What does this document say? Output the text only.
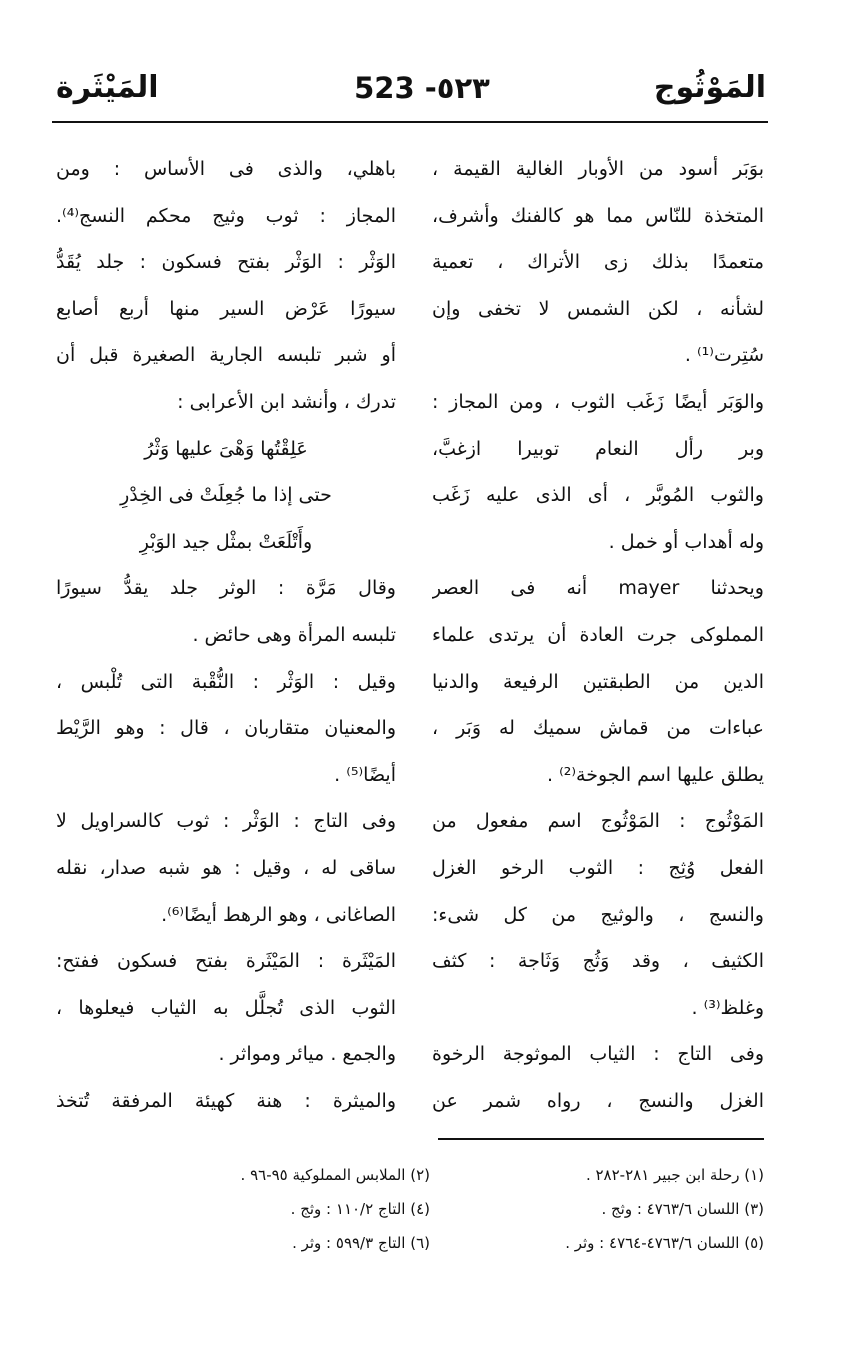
المَوْثُوج
523 -٥٢٣
المَيْثَرة
بوَبَر أسود من الأوبار الغالية القيمة ،
المتخذة للنّاس مما هو كالفنك وأشرف،
متعمدًا بذلك زى الأتراك ، تعمية
لشأنه ، لكن الشمس لا تخفى وإن
سُتِرت⁽¹⁾ .
والوَبَر أيضًا زَغَب الثوب ، ومن المجاز :
وبر رأل النعام توبيرا ازغبَّ،
والثوب المُوبَّر ، أى الذى عليه زَغَب
وله أهداب أو خمل .
ويحدثنا mayer أنه فى العصر
المملوكى جرت العادة أن يرتدى علماء
الدين من الطبقتين الرفيعة والدنيا
عباءات من قماش سميك له وَبَر ،
يطلق عليها اسم الجوخة⁽²⁾ .
المَوْثُوج : المَوْثُوج اسم مفعول من
الفعل وُثِج : الثوب الرخو الغزل
والنسج ، والوثيج من كل شىء:
الكثيف ، وقد وَثُج وَثَاجة : كثف
وغلظ⁽³⁾ .
وفى التاج : الثياب الموثوجة الرخوة
الغزل والنسج ، رواه شمر عن
باهلي، والذى فى الأساس : ومن
المجاز : ثوب وثيج محكم النسج⁽⁴⁾.
الوَثْر : الوَثْر بفتح فسكون : جلد يُقَدُّ
سيورًا عَرْض السير منها أربع أصابع
أو شبر تلبسه الجارية الصغيرة قبل أن
تدرك ، وأنشد ابن الأعرابى :
عَلِقْتُها وَهْىَ عليها وَثْرُ
حتى إذا ما جُعِلَتْ فى الخِدْرِ
وأَتْلَعَتْ بمثْل جيد الوَبْرِ
وقال مَرَّة : الوثر جلد يقدُّ سيورًا
تلبسه المرأة وهى حائض .
وقيل : الوَثْر : النُّقْبة التى تُلْبس ،
والمعنيان متقاربان ، قال : وهو الرَّيْط
أيضًا⁽⁵⁾ .
وفى التاج : الوَثْر : ثوب كالسراويل لا
ساقى له ، وقيل : هو شبه صدار، نقله
الصاغانى ، وهو الرهط أيضًا⁽⁶⁾.
المَيْثَرة : المَيْثَرة بفتح فسكون ففتح:
الثوب الذى تُجلَّل به الثياب فيعلوها ،
والجمع . ميائر ومواثر .
والميثرة : هنة كهيئة المرفقة تُتخذ
(١) رحلة ابن جبير ٢٨١-٢٨٢ .
(٣) اللسان ٤٧٦٣/٦ : وثج .
(٥) اللسان ٤٧٦٣/٦-٤٧٦٤ : وثر .
(٢) الملابس المملوكية ٩٥-٩٦ .
(٤) التاج ١١٠/٢ : وثج .
(٦) التاج ٥٩٩/٣ : وثر .
